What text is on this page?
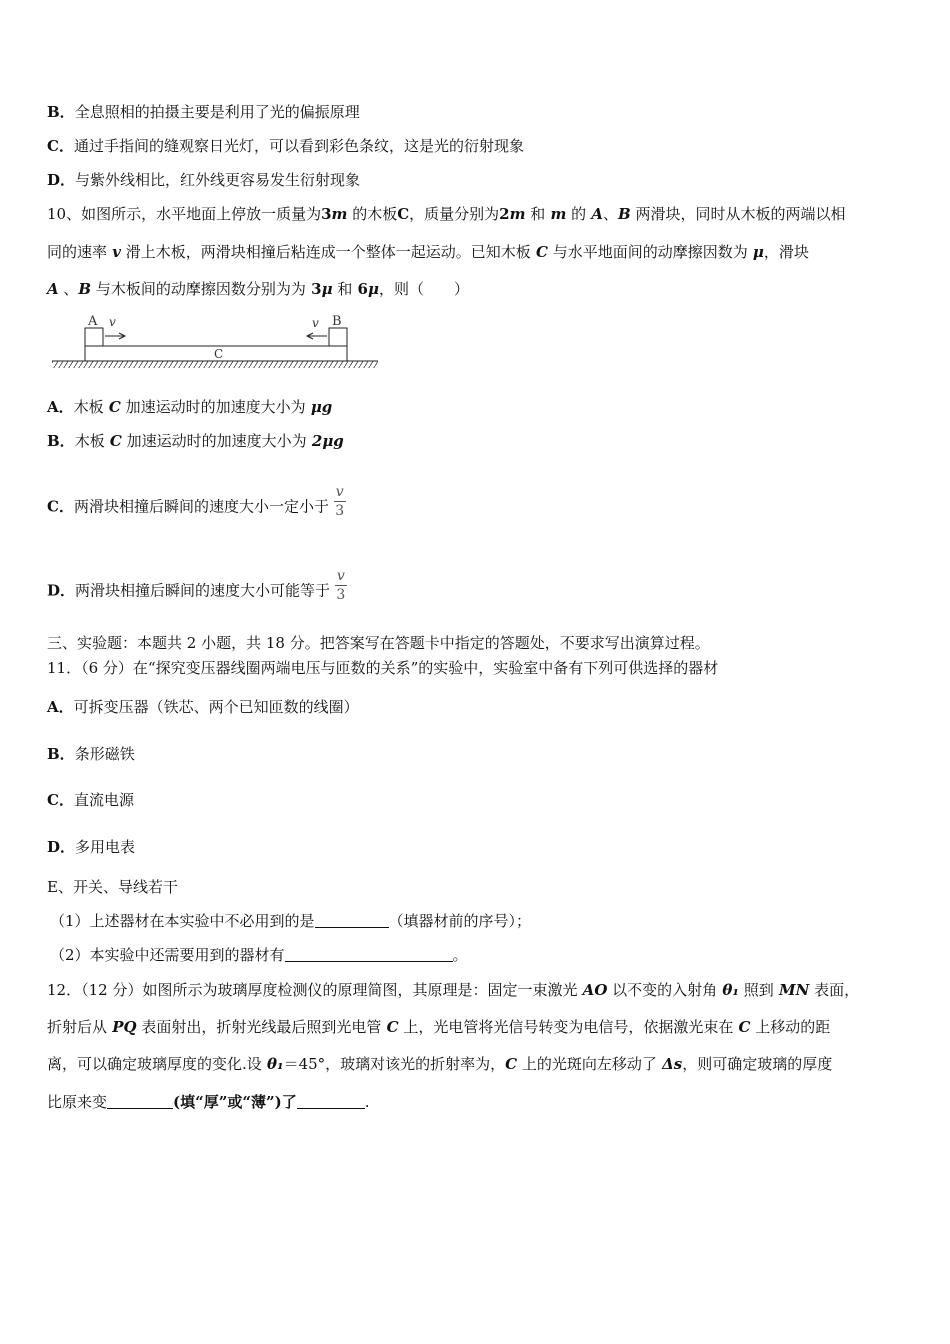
B．全息照相的拍摄主要是利用了光的偏振原理
C．通过手指间的缝观察日光灯，可以看到彩色条纹，这是光的衍射现象
D．与紫外线相比，红外线更容易发生衍射现象
10、如图所示，水平地面上停放一质量为3m 的木板C，质量分别为2m 和 m 的 A、B 两滑块，同时从木板的两端以相
同的速率 v 滑上木板，两滑块相撞后粘连成一个整体一起运动。已知木板 C 与水平地面间的动摩擦因数为 μ，滑块
A 、B 与木板间的动摩擦因数分别为为 3μ 和 6μ，则（　　）
A	B
C
v	v
A．木板 C 加速运动时的加速度大小为 μg
B．木板 C 加速运动时的加速度大小为 2μg
C．两滑块相撞后瞬间的速度大小一定小于 $\frac{v}{3}$
D．两滑块相撞后瞬间的速度大小可能等于 $\frac{v}{3}$
三、实验题：本题共 2 小题，共 18 分。把答案写在答题卡中指定的答题处，不要求写出演算过程。
11．（6 分）在“探究变压器线圈两端电压与匝数的关系”的实验中，实验室中备有下列可供选择的器材
A．可拆变压器（铁芯、两个已知匝数的线圈）
B．条形磁铁
C．直流电源
D．多用电表
E、开关、导线若干
（1）上述器材在本实验中不必用到的是	（填器材前的序号）；
（2）本实验中还需要用到的器材有	。
12．（12 分）如图所示为玻璃厚度检测仪的原理简图，其原理是：固定一束激光 AO 以不变的入射角 θ₁ 照到 MN 表面，
折射后从 PQ 表面射出，折射光线最后照到光电管 C 上，光电管将光信号转变为电信号，依据激光束在 C 上移动的距
离，可以确定玻璃厚度的变化.设 θ₁＝45°，玻璃对该光的折射率为，C 上的光斑向左移动了 Δs，则可确定玻璃的厚度
比原来变	(填“厚”或“薄”)了	.
